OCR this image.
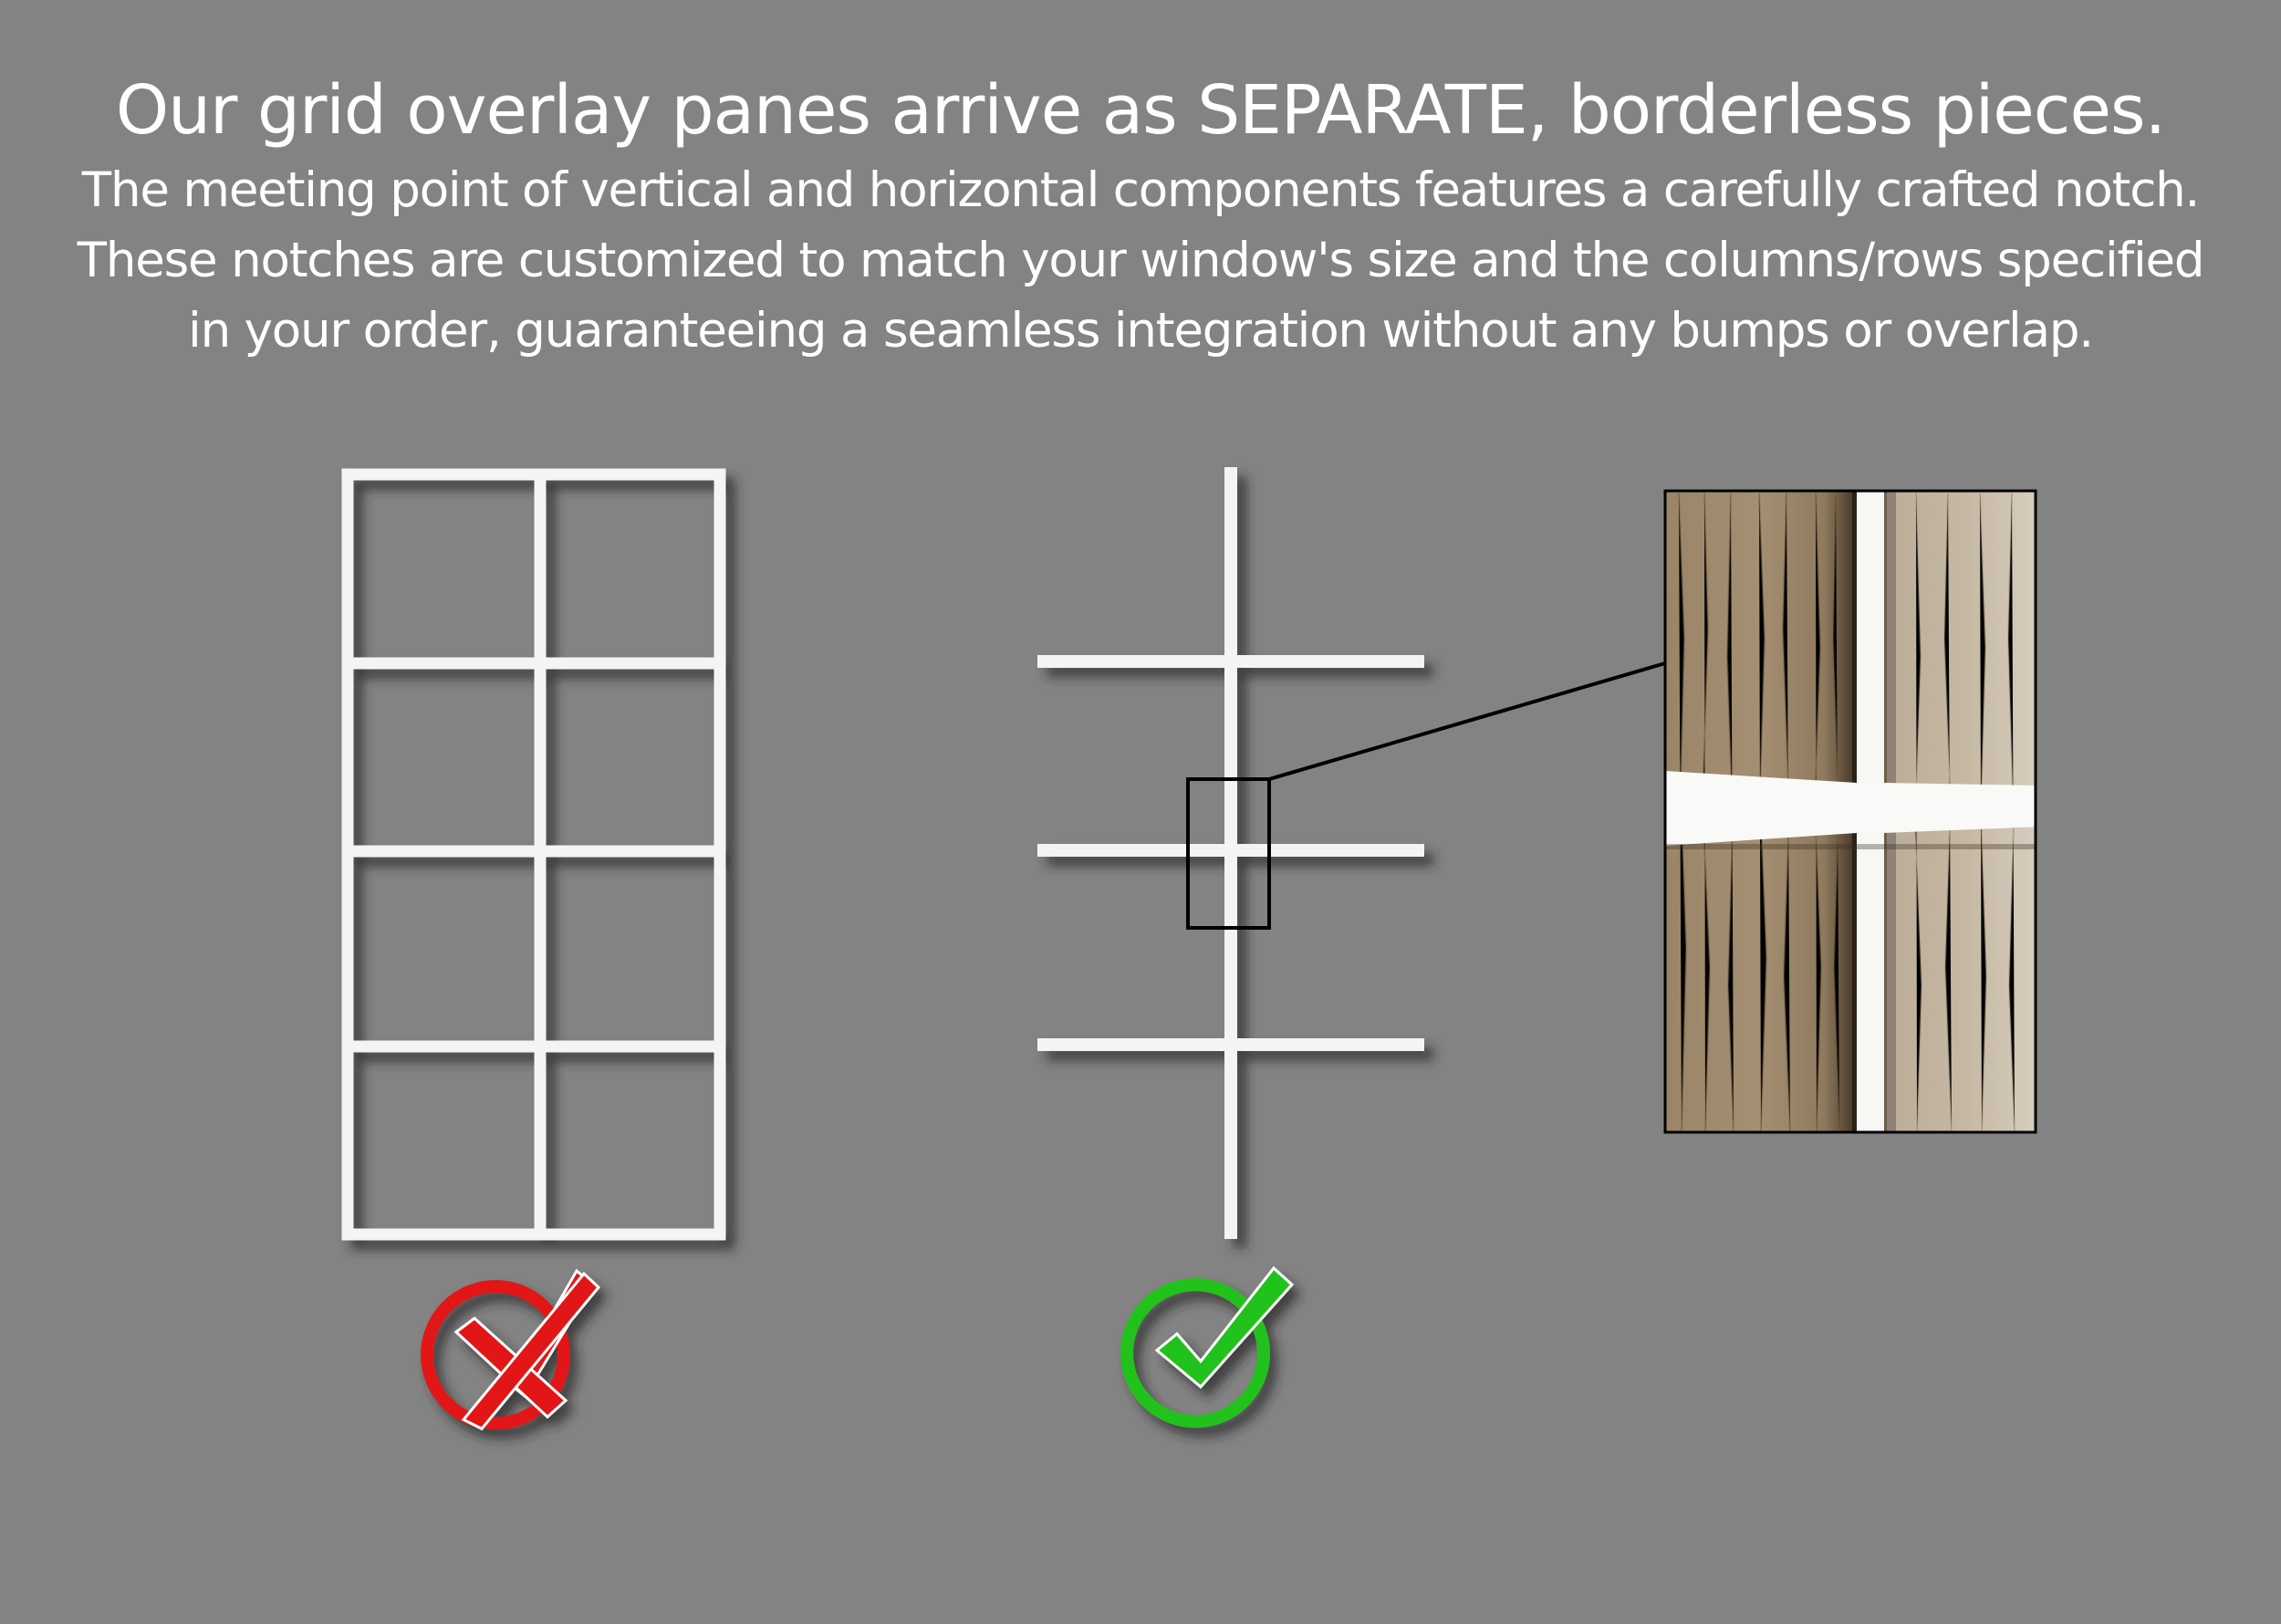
Our grid overlay panes arrive as SEPARATE, borderless pieces.

The meeting point of vertical and horizontal components features a carefully crafted notch.

These notches are customized to match your window's size and the columns/rows specified

in your order, guaranteeing a seamless integration without any bumps or overlap.
